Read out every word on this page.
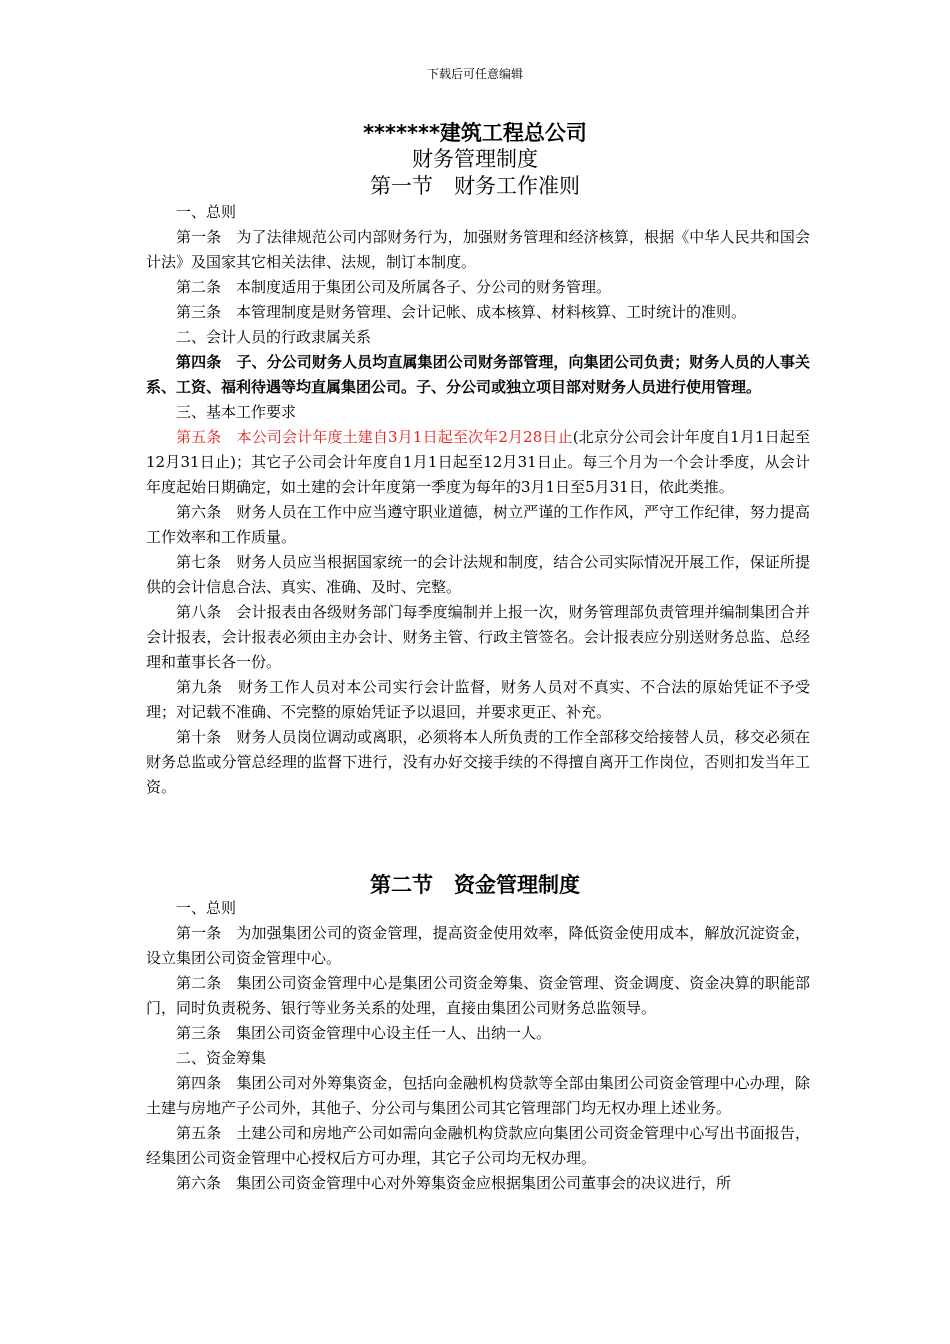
下载后可任意编辑
*******建筑工程总公司
财务管理制度
第一节　财务工作准则

一、总则

第一条　为了法律规范公司内部财务行为，加强财务管理和经济核算，根据《中华人民共和国会计法》及国家其它相关法律、法规，制订本制度。

第二条　本制度适用于集团公司及所属各子、分公司的财务管理。

第三条　本管理制度是财务管理、会计记帐、成本核算、材料核算、工时统计的准则。

二、会计人员的行政隶属关系

第四条　子、分公司财务人员均直属集团公司财务部管理，向集团公司负责；财务人员的人事关系、工资、福利待遇等均直属集团公司。子、分公司或独立项目部对财务人员进行使用管理。

三、基本工作要求

第五条　本公司会计年度土建自3月1日起至次年2月28日止(北京分公司会计年度自1月1日起至12月31日止)；其它子公司会计年度自1月1日起至12月31日止。每三个月为一个会计季度，从会计年度起始日期确定，如土建的会计年度第一季度为每年的3月1日至5月31日，依此类推。

第六条　财务人员在工作中应当遵守职业道德，树立严谨的工作作风，严守工作纪律，努力提高工作效率和工作质量。

第七条　财务人员应当根据国家统一的会计法规和制度，结合公司实际情况开展工作，保证所提供的会计信息合法、真实、准确、及时、完整。

第八条　会计报表由各级财务部门每季度编制并上报一次，财务管理部负责管理并编制集团合并会计报表，会计报表必须由主办会计、财务主管、行政主管签名。会计报表应分别送财务总监、总经理和董事长各一份。

第九条　财务工作人员对本公司实行会计监督，财务人员对不真实、不合法的原始凭证不予受理；对记载不准确、不完整的原始凭证予以退回，并要求更正、补充。

第十条　财务人员岗位调动或离职，必须将本人所负责的工作全部移交给接替人员，移交必须在财务总监或分管总经理的监督下进行，没有办好交接手续的不得擅自离开工作岗位，否则扣发当年工资。

第二节　资金管理制度

一、总则

第一条　为加强集团公司的资金管理，提高资金使用效率，降低资金使用成本，解放沉淀资金，设立集团公司资金管理中心。

第二条　集团公司资金管理中心是集团公司资金筹集、资金管理、资金调度、资金决算的职能部门，同时负责税务、银行等业务关系的处理，直接由集团公司财务总监领导。

第三条　集团公司资金管理中心设主任一人、出纳一人。

二、资金筹集

第四条　集团公司对外筹集资金，包括向金融机构贷款等全部由集团公司资金管理中心办理，除土建与房地产子公司外，其他子、分公司与集团公司其它管理部门均无权办理上述业务。

第五条　土建公司和房地产公司如需向金融机构贷款应向集团公司资金管理中心写出书面报告，经集团公司资金管理中心授权后方可办理，其它子公司均无权办理。

第六条　集团公司资金管理中心对外筹集资金应根据集团公司董事会的决议进行，所
